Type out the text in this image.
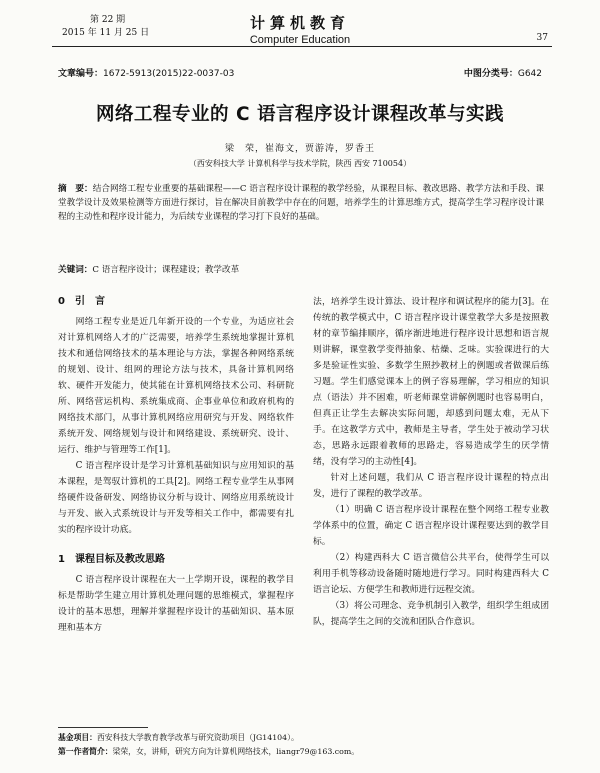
第 22 期
2015 年 11 月 25 日
计算机教育
Computer Education	37
文章编号：1672-5913(2015)22-0037-03	中图分类号：G642
网络工程专业的 C 语言程序设计课程改革与实践
梁　荣，崔海文，贾游涛，罗香王
（西安科技大学 计算机科学与技术学院，陕西 西安 710054）
摘　要：结合网络工程专业重要的基础课程——C 语言程序设计课程的教学经验，从课程目标、教改思路、教学方法和手段、课堂教学设计及效果检测等方面进行探讨，旨在解决目前教学中存在的问题，培养学生的计算思维方式，提高学生学习程序设计课程的主动性和程序设计能力，为后续专业课程的学习打下良好的基础。
关键词：C 语言程序设计；课程建设；教学改革
0　引　言

网络工程专业是近几年新开设的一个专业，为适应社会对计算机网络人才的广泛需要，培养学生系统地掌握计算机技术和通信网络技术的基本理论与方法，掌握各种网络系统的规划、设计、组网的理论方法与技术，具备计算机网络软、硬件开发能力，使其能在计算机网络技术公司、科研院所、网络营运机构、系统集成商、企事业单位和政府机构的网络技术部门，从事计算机网络应用研究与开发、网络软件系统开发、网络规划与设计和网络建设、系统研究、设计、运行、维护与管理等工作[1]。

C 语言程序设计是学习计算机基础知识与应用知识的基本课程，是驾驭计算机的工具[2]。网络工程专业学生从事网络硬件设备研发、网络协议分析与设计、网络应用系统设计与开发、嵌入式系统设计与开发等相关工作中，都需要有扎实的程序设计功底。

1　课程目标及教改思路

C 语言程序设计课程在大一上学期开设，课程的教学目标是帮助学生建立用计算机处理问题的思维模式，掌握程序设计的基本思想，理解并掌握程序设计的基础知识、基本原理和基本方

法，培养学生设计算法、设计程序和调试程序的能力[3]。在传统的教学模式中，C 语言程序设计课堂教学大多是按照教材的章节编排顺序，循序渐进地进行程序设计思想和语言规则讲解，课堂教学变得抽象、枯燥、乏味。实验课进行的大多是验证性实验、多数学生照抄教材上的例题或者做课后练习题。学生们感觉课本上的例子容易理解，学习相应的知识点（语法）并不困难，听老师课堂讲解例题时也容易明白，但真正让学生去解决实际问题，却感到问题太难，无从下手。在这教学方式中，教师是主导者，学生处于被动学习状态，思路永远跟着教师的思路走，容易造成学生的厌学情绪，没有学习的主动性[4]。

针对上述问题，我们从 C 语言程序设计课程的特点出发，进行了课程的教学改革。

（1）明确 C 语言程序设计课程在整个网络工程专业教学体系中的位置，确定 C 语言程序设计课程要达到的教学目标。

（2）构建西科大 C 语言微信公共平台，使得学生可以利用手机等移动设备随时随地进行学习。同时构建西科大 C 语言论坛、方便学生和教师进行远程交流。

（3）将公司理念、竞争机制引入教学，组织学生组成团队，提高学生之间的交流和团队合作意识。

基金项目：西安科技大学教育教学改革与研究资助项目（JG14104）。
第一作者简介：梁荣，女，讲师，研究方向为计算机网络技术，liangr79@163.com。
